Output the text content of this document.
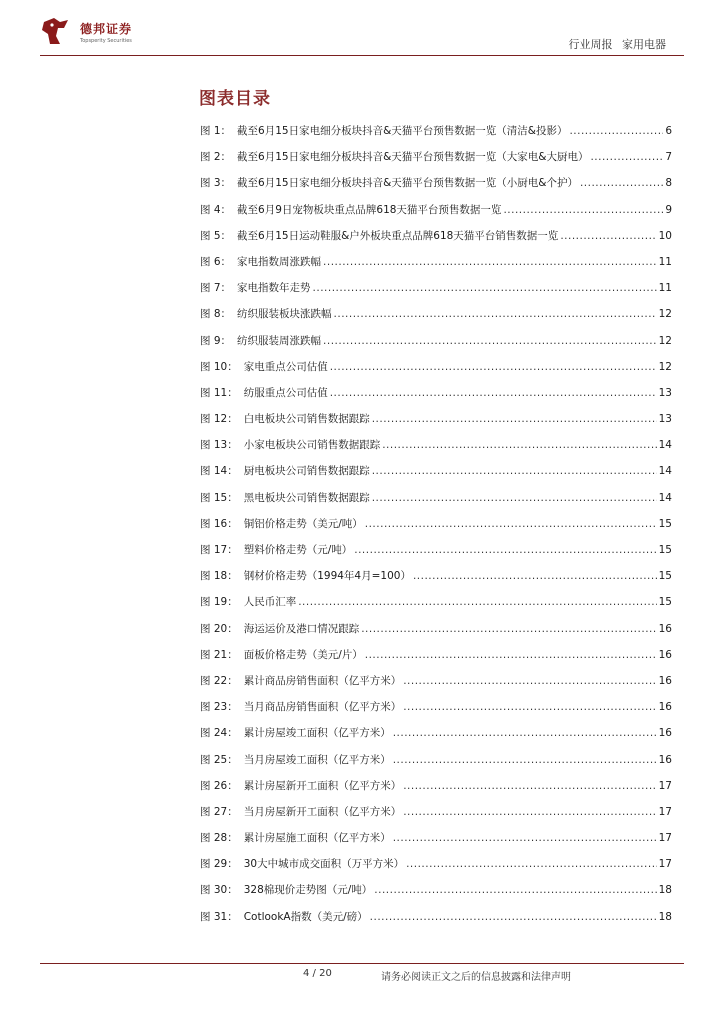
德邦证券
Topsperity Securities	行业周报 家用电器
图表目录
图 1 ： 截至6月15日家电细分板块抖音&天猫平台预售数据一览（清洁&投影） .....	6
图 2 ： 截至6月15日家电细分板块抖音&天猫平台预售数据一览（大家电&大厨电） .....	7
图 3 ： 截至6月15日家电细分板块抖音&天猫平台预售数据一览（小厨电&个护） .....	8
图 4 ： 截至6月9日宠物板块重点品牌618天猫平台预售数据一览 .....	9
图 5 ： 截至6月15日运动鞋服&户外板块重点品牌618天猫平台销售数据一览 .....	10
图 6 ： 家电指数周涨跌幅 .....	11
图 7 ： 家电指数年走势 .....	11
图 8 ： 纺织服装板块涨跌幅 .....	12
图 9 ： 纺织服装周涨跌幅 .....	12
图 10 ： 家电重点公司估值 .....	12
图 11 ： 纺服重点公司估值 .....	13
图 12 ： 白电板块公司销售数据跟踪 .....	13
图 13 ： 小家电板块公司销售数据跟踪 .....	14
图 14 ： 厨电板块公司销售数据跟踪 .....	14
图 15 ： 黑电板块公司销售数据跟踪 .....	14
图 16 ： 铜铝价格走势（美元/吨） .....	15
图 17 ： 塑料价格走势（元/吨） .....	15
图 18 ： 钢材价格走势（1994年4月=100） .....	15
图 19 ： 人民币汇率 .....	15
图 20 ： 海运运价及港口情况跟踪 .....	16
图 21 ： 面板价格走势（美元/片） .....	16
图 22 ： 累计商品房销售面积（亿平方米） .....	16
图 23 ： 当月商品房销售面积（亿平方米） .....	16
图 24 ： 累计房屋竣工面积（亿平方米） .....	16
图 25 ： 当月房屋竣工面积（亿平方米） .....	16
图 26 ： 累计房屋新开工面积（亿平方米） .....	17
图 27 ： 当月房屋新开工面积（亿平方米） .....	17
图 28 ： 累计房屋施工面积（亿平方米） .....	17
图 29 ： 30大中城市成交面积（万平方米） .....	17
图 30 ： 328棉现价走势图（元/吨） .....	18
图 31 ： CotlookA指数（美元/磅） .....	18
4 / 20	请务必阅读正文之后的信息披露和法律声明
